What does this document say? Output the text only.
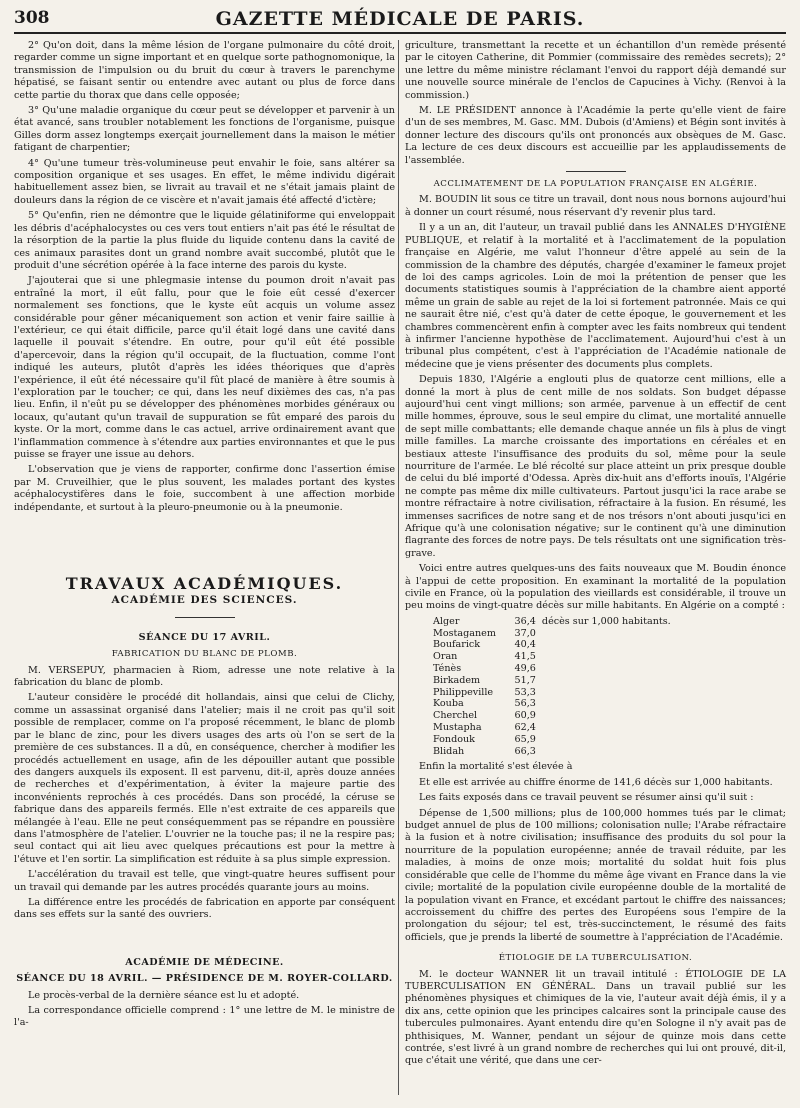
308	GAZETTE MÉDICALE DE PARIS.

2° Qu'on doit, dans la même lésion de l'organe pulmonaire du côté droit, regarder comme un signe important et en quelque sorte pathognomonique, la transmission de l'impulsion ou du bruit du cœur à travers le parenchyme hépatisé, se faisant sentir ou entendre avec autant ou plus de force dans cette partie du thorax que dans celle opposée;

3° Qu'une maladie organique du cœur peut se développer et parvenir à un état avancé, sans troubler notablement les fonctions de l'organisme, puisque Gilles dorm assez longtemps exerçait journellement dans la maison le métier fatigant de charpentier;

4° Qu'une tumeur très-volumineuse peut envahir le foie, sans altérer sa composition organique et ses usages. En effet, le même individu digérait habituellement assez bien, se livrait au travail et ne s'était jamais plaint de douleurs dans la région de ce viscère et n'avait jamais été affecté d'ictère;

5° Qu'enfin, rien ne démontre que le liquide gélatiniforme qui enveloppait les débris d'acéphalocystes ou ces vers tout entiers n'ait pas été le résultat de la résorption de la partie la plus fluide du liquide contenu dans la cavité de ces animaux parasites dont un grand nombre avait succombé, plutôt que le produit d'une sécrétion opérée à la face interne des parois du kyste.

J'ajouterai que si une phlegmasie intense du poumon droit n'avait pas entraîné la mort, il eût fallu, pour que le foie eût cessé d'exercer normalement ses fonctions, que le kyste eût acquis un volume assez considérable pour gêner mécaniquement son action et venir faire saillie à l'extérieur, ce qui était difficile, parce qu'il était logé dans une cavité dans laquelle il pouvait s'étendre. En outre, pour qu'il eût été possible d'apercevoir, dans la région qu'il occupait, de la fluctuation, comme l'ont indiqué les auteurs, plutôt d'après les idées théoriques que d'après l'expérience, il eût été nécessaire qu'il fût placé de manière à être soumis à l'exploration par le toucher; ce qui, dans les neuf dixièmes des cas, n'a pas lieu. Enfin, il n'eût pu se développer des phénomènes morbides généraux ou locaux, qu'autant qu'un travail de suppuration se fût emparé des parois du kyste. Or la mort, comme dans le cas actuel, arrive ordinairement avant que l'inflammation commence à s'étendre aux parties environnantes et que le pus puisse se frayer une issue au dehors.

L'observation que je viens de rapporter, confirme donc l'assertion émise par M. Cruveilhier, que le plus souvent, les malades portant des kystes acéphalocystifères dans le foie, succombent à une affection morbide indépendante, et surtout à la pleuro-pneumonie ou à la pneumonie.

TRAVAUX ACADÉMIQUES.
ACADÉMIE DES SCIENCES.
SÉANCE DU 17 AVRIL.
FABRICATION DU BLANC DE PLOMB.

M. VERSEPUY, pharmacien à Riom, adresse une note relative à la fabrication du blanc de plomb.

L'auteur considère le procédé dit hollandais, ainsi que celui de Clichy, comme un assassinat organisé dans l'atelier; mais il ne croit pas qu'il soit possible de remplacer, comme on l'a proposé récemment, le blanc de plomb par le blanc de zinc, pour les divers usages des arts où l'on se sert de la première de ces substances. Il a dû, en conséquence, chercher à modifier les procédés actuellement en usage, afin de les dépouiller autant que possible des dangers auxquels ils exposent. Il est parvenu, dit-il, après douze années de recherches et d'expérimentation, à éviter la majeure partie des inconvénients reprochés à ces procédés. Dans son procédé, la céruse se fabrique dans des appareils fermés. Elle n'est extraite de ces appareils que mélangée à l'eau. Elle ne peut conséquemment pas se répandre en poussière dans l'atmosphère de l'atelier. L'ouvrier ne la touche pas; il ne la respire pas; seul contact qui ait lieu avec quelques précautions est pour la mettre à l'étuve et l'en sortir. La simplification est réduite à sa plus simple expression.

L'accélération du travail est telle, que vingt-quatre heures suffisent pour un travail qui demande par les autres procédés quarante jours au moins.

La différence entre les procédés de fabrication en apporte par conséquent dans ses effets sur la santé des ouvriers.

ACADÉMIE DE MÉDECINE.
SÉANCE DU 18 AVRIL. — PRÉSIDENCE DE M. ROYER-COLLARD.

Le procès-verbal de la dernière séance est lu et adopté.

La correspondance officielle comprend : 1° une lettre de M. le ministre de l'a-

griculture, transmettant la recette et un échantillon d'un remède présenté par le citoyen Catherine, dit Pommier (commissaire des remèdes secrets); 2° une lettre du même ministre réclamant l'envoi du rapport déjà demandé sur une nouvelle source minérale de l'enclos de Capucines à Vichy. (Renvoi à la commission.)

M. LE PRÉSIDENT annonce à l'Académie la perte qu'elle vient de faire d'un de ses membres, M. Gasc. MM. Dubois (d'Amiens) et Bégin sont invités à donner lecture des discours qu'ils ont prononcés aux obsèques de M. Gasc. La lecture de ces deux discours est accueillie par les applaudissements de l'assemblée.

ACCLIMATEMENT DE LA POPULATION FRANÇAISE EN ALGÉRIE.

M. BOUDIN lit sous ce titre un travail, dont nous nous bornons aujourd'hui à donner un court résumé, nous réservant d'y revenir plus tard.

Il y a un an, dit l'auteur, un travail publié dans les ANNALES D'HYGIÈNE PUBLIQUE, et relatif à la mortalité et à l'acclimatement de la population française en Algérie, me valut l'honneur d'être appelé au sein de la commission de la chambre des députés, chargée d'examiner le fameux projet de loi des camps agricoles. Loin de moi la prétention de penser que les documents statistiques soumis à l'appréciation de la chambre aient apporté même un grain de sable au rejet de la loi si fortement patronnée. Mais ce qui ne saurait être nié, c'est qu'à dater de cette époque, le gouvernement et les chambres commencèrent enfin à compter avec les faits nombreux qui tendent à infirmer l'ancienne hypothèse de l'acclimatement. Aujourd'hui c'est à un tribunal plus compétent, c'est à l'appréciation de l'Académie nationale de médecine que je viens présenter des documents plus complets.

Depuis 1830, l'Algérie a englouti plus de quatorze cent millions, elle a donné la mort à plus de cent mille de nos soldats. Son budget dépasse aujourd'hui cent vingt millions; son armée, parvenue à un effectif de cent mille hommes, éprouve, sous le seul empire du climat, une mortalité annuelle de sept mille combattants; elle demande chaque année un fils à plus de vingt mille familles. La marche croissante des importations en céréales et en bestiaux atteste l'insuffisance des produits du sol, même pour la seule nourriture de l'armée. Le blé récolté sur place atteint un prix presque double de celui du blé importé d'Odessa. Après dix-huit ans d'efforts inouïs, l'Algérie ne compte pas même dix mille cultivateurs. Partout jusqu'ici la race arabe se montre réfractaire à notre civilisation, réfractaire à la fusion. En résumé, les immenses sacrifices de notre sang et de nos trésors n'ont abouti jusqu'ici en Afrique qu'à une colonisation négative; sur le continent qu'à une diminution flagrante des forces de notre pays. De tels résultats ont une signification très-grave.

Voici entre autres quelques-uns des faits nouveaux que M. Boudin énonce à l'appui de cette proposition. En examinant la mortalité de la population civile en France, où la population des vieillards est considérable, il trouve un peu moins de vingt-quatre décès sur mille habitants. En Algérie on a compté :

Alger	36,4	décès sur 1,000 habitants.
Mostaganem	37,0	
Boufarick	40,4	
Oran	41,5	
Ténès	49,6	
Birkadem	51,7	
Philippeville	53,3	
Kouba	56,3	
Cherchel	60,9	
Mustapha	62,4	
Fondouk	65,9	
Blidah	66,3	

Enfin la mortalité s'est élevée à

Et elle est arrivée au chiffre énorme de 141,6 décès sur 1,000 habitants.

Les faits exposés dans ce travail peuvent se résumer ainsi qu'il suit :

Dépense de 1,500 millions; plus de 100,000 hommes tués par le climat; budget annuel de plus de 100 millions; colonisation nulle; l'Arabe réfractaire à la fusion et à notre civilisation; insuffisance des produits du sol pour la nourriture de la population européenne; année de travail réduite, par les maladies, à moins de onze mois; mortalité du soldat huit fois plus considérable que celle de l'homme du même âge vivant en France dans la vie civile; mortalité de la population civile européenne double de la mortalité de la population vivant en France, et excédant partout le chiffre des naissances; accroissement du chiffre des pertes des Européens sous l'empire de la prolongation du séjour; tel est, très-succinctement, le résumé des faits officiels, que je prends la liberté de soumettre à l'appréciation de l'Académie.

ÉTIOLOGIE DE LA TUBERCULISATION.

M. le docteur WANNER lit un travail intitulé : ÉTIOLOGIE DE LA TUBERCULISATION EN GÉNÉRAL. Dans un travail publié sur les phénomènes physiques et chimiques de la vie, l'auteur avait déjà émis, il y a dix ans, cette opinion que les principes calcaires sont la principale cause des tubercules pulmonaires. Ayant entendu dire qu'en Sologne il n'y avait pas de phthisiques, M. Wanner, pendant un séjour de quinze mois dans cette contrée, s'est livré à un grand nombre de recherches qui lui ont prouvé, dit-il, que c'était une vérité, que dans une cer-
